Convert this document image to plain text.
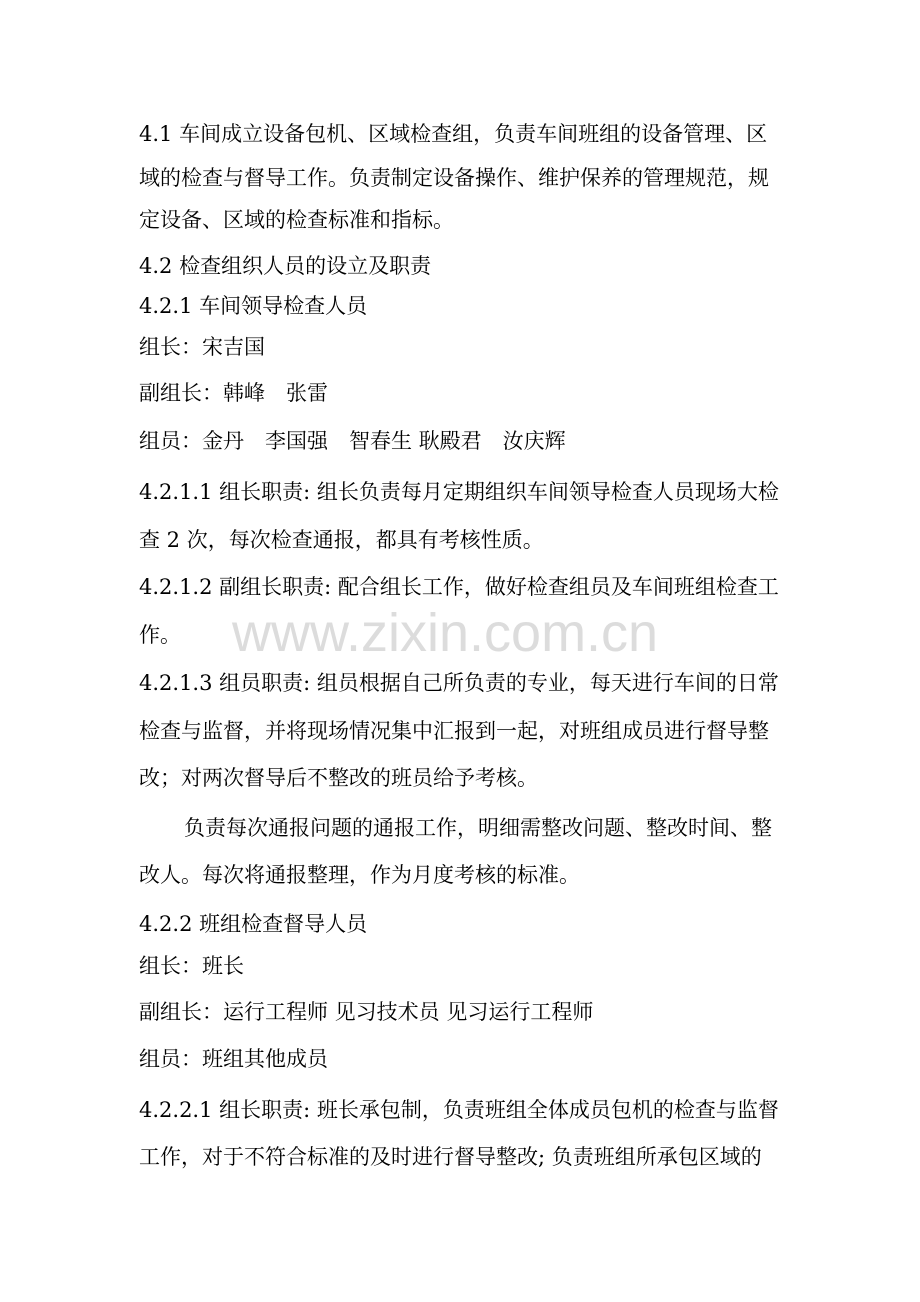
4.1 车间成立设备包机、区域检查组，负责车间班组的设备管理、区

域的检查与督导工作。负责制定设备操作、维护保养的管理规范，规

定设备、区域的检查标准和指标。

4.2 检查组织人员的设立及职责

4.2.1 车间领导检查人员

组长：宋吉国

副组长：韩峰　张雷

组员：金丹　李国强　智春生 耿殿君　汝庆辉

4.2.1.1 组长职责: 组长负责每月定期组织车间领导检查人员现场大检

查 2 次，每次检查通报，都具有考核性质。

4.2.1.2 副组长职责: 配合组长工作，做好检查组员及车间班组检查工

作。

4.2.1.3 组员职责: 组员根据自己所负责的专业，每天进行车间的日常

检查与监督，并将现场情况集中汇报到一起，对班组成员进行督导整

改；对两次督导后不整改的班员给予考核。

负责每次通报问题的通报工作，明细需整改问题、整改时间、整

改人。每次将通报整理，作为月度考核的标准。

4.2.2 班组检查督导人员

组长：班长

副组长：运行工程师 见习技术员 见习运行工程师

组员：班组其他成员

4.2.2.1 组长职责: 班长承包制，负责班组全体成员包机的检查与监督

工作，对于不符合标准的及时进行督导整改; 负责班组所承包区域的

www.zixin.com.cn
